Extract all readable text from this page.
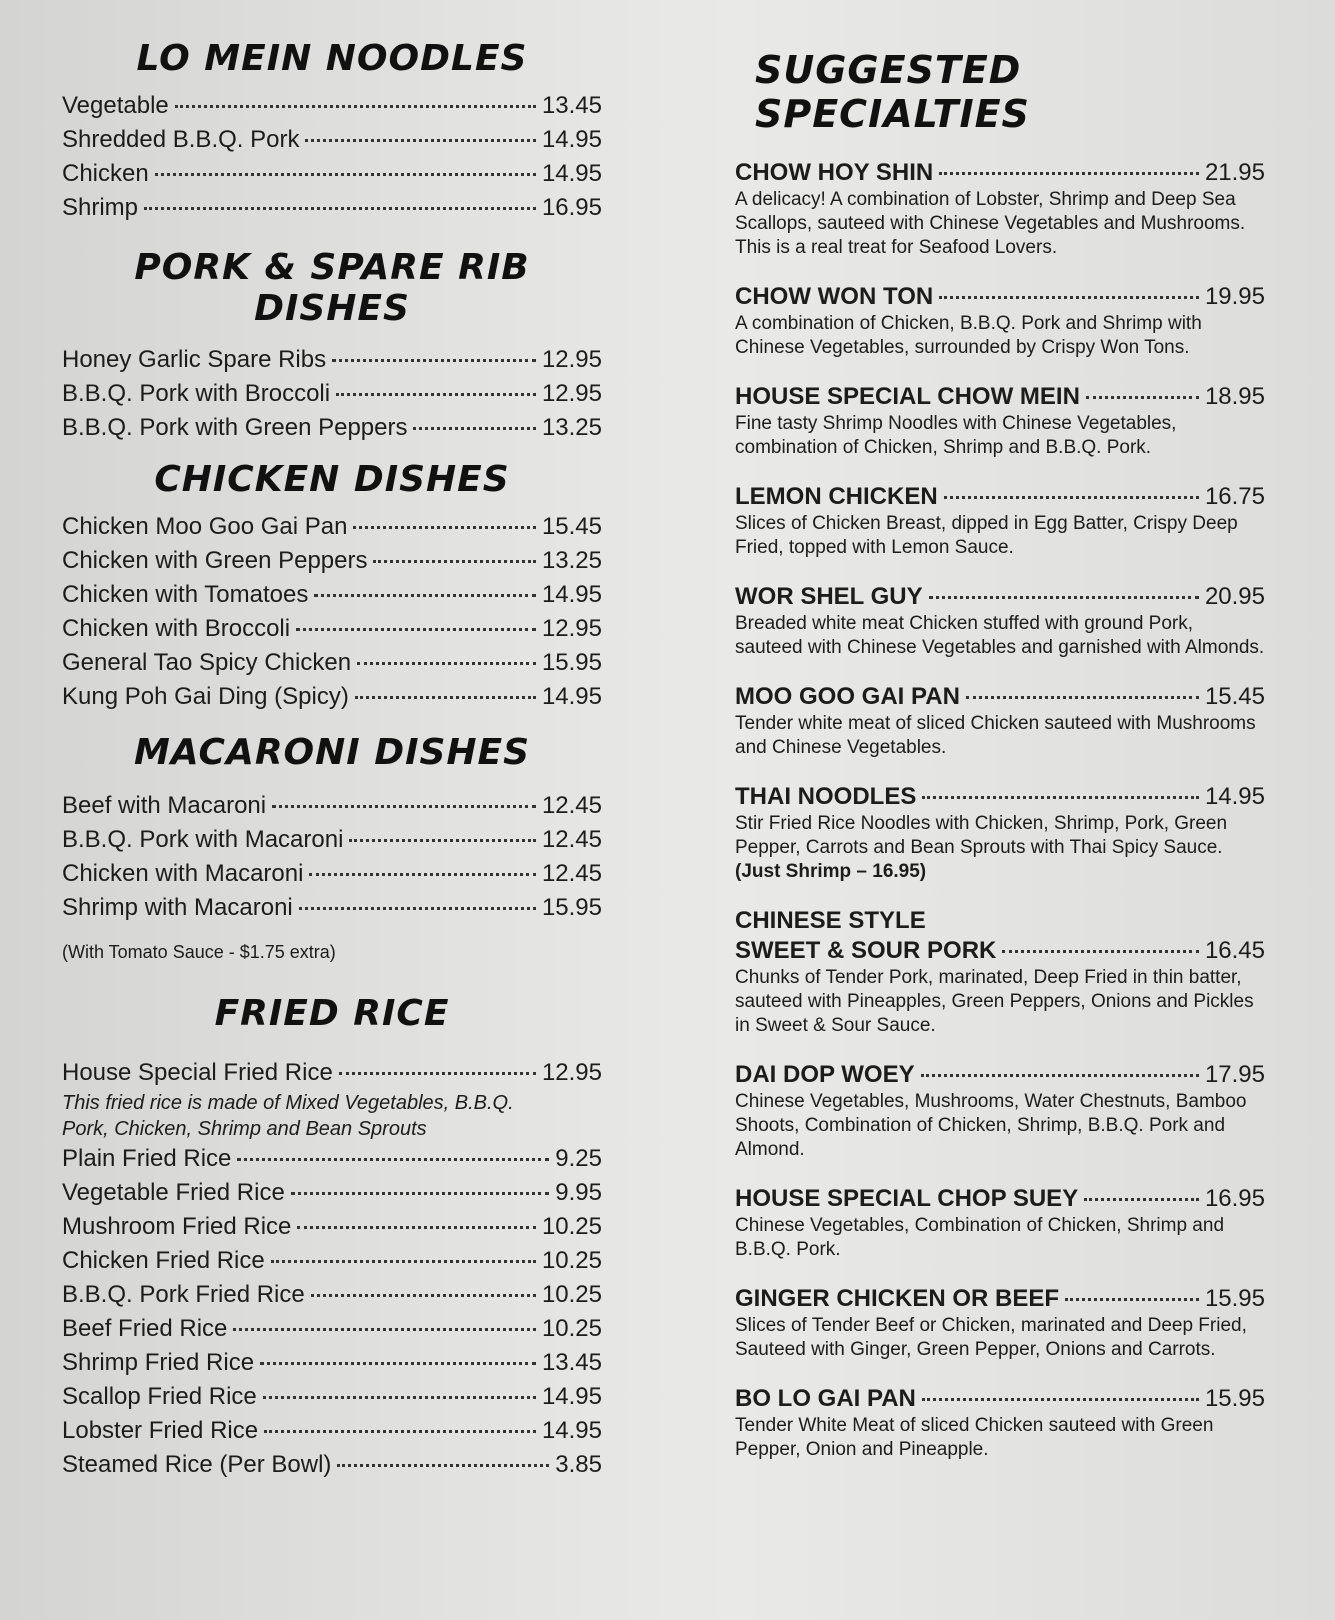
LO MEIN NOODLES
Vegetable	13.45
Shredded B.B.Q. Pork	14.95
Chicken	14.95
Shrimp	16.95
PORK & SPARE RIB DISHES
Honey Garlic Spare Ribs	12.95
B.B.Q. Pork with Broccoli	12.95
B.B.Q. Pork with Green Peppers	13.25
CHICKEN DISHES
Chicken Moo Goo Gai Pan	15.45
Chicken with Green Peppers	13.25
Chicken with Tomatoes	14.95
Chicken with Broccoli	12.95
General Tao Spicy Chicken	15.95
Kung Poh Gai Ding (Spicy)	14.95
MACARONI DISHES
Beef with Macaroni	12.45
B.B.Q. Pork with Macaroni	12.45
Chicken with Macaroni	12.45
Shrimp with Macaroni	15.95

(With Tomato Sauce - $1.75 extra)

FRIED RICE
House Special Fried Rice	12.95

This fried rice is made of Mixed Vegetables, B.B.Q. Pork, Chicken, Shrimp and Bean Sprouts

Plain Fried Rice	9.25
Vegetable Fried Rice	9.95
Mushroom Fried Rice	10.25
Chicken Fried Rice	10.25
B.B.Q. Pork Fried Rice	10.25
Beef Fried Rice	10.25
Shrimp Fried Rice	13.45
Scallop Fried Rice	14.95
Lobster Fried Rice	14.95
Steamed Rice (Per Bowl)	3.85
SUGGESTED SPECIALTIES
CHOW HOY SHIN	21.95

A delicacy! A combination of Lobster, Shrimp and Deep Sea Scallops, sauteed with Chinese Vegetables and Mushrooms. This is a real treat for Seafood Lovers.

CHOW WON TON	19.95

A combination of Chicken, B.B.Q. Pork and Shrimp with Chinese Vegetables, surrounded by Crispy Won Tons.

HOUSE SPECIAL CHOW MEIN	18.95

Fine tasty Shrimp Noodles with Chinese Vegetables, combination of Chicken, Shrimp and B.B.Q. Pork.

LEMON CHICKEN	16.75

Slices of Chicken Breast, dipped in Egg Batter, Crispy Deep Fried, topped with Lemon Sauce.

WOR SHEL GUY	20.95

Breaded white meat Chicken stuffed with ground Pork, sauteed with Chinese Vegetables and garnished with Almonds.

MOO GOO GAI PAN	15.45

Tender white meat of sliced Chicken sauteed with Mushrooms and Chinese Vegetables.

THAI NOODLES	14.95

Stir Fried Rice Noodles with Chicken, Shrimp, Pork, Green Pepper, Carrots and Bean Sprouts with Thai Spicy Sauce. (Just Shrimp – 16.95)

CHINESE STYLE

SWEET & SOUR PORK	16.45

Chunks of Tender Pork, marinated, Deep Fried in thin batter, sauteed with Pineapples, Green Peppers, Onions and Pickles in Sweet & Sour Sauce.

DAI DOP WOEY	17.95

Chinese Vegetables, Mushrooms, Water Chestnuts, Bamboo Shoots, Combination of Chicken, Shrimp, B.B.Q. Pork and Almond.

HOUSE SPECIAL CHOP SUEY	16.95

Chinese Vegetables, Combination of Chicken, Shrimp and B.B.Q. Pork.

GINGER CHICKEN OR BEEF	15.95

Slices of Tender Beef or Chicken, marinated and Deep Fried, Sauteed with Ginger, Green Pepper, Onions and Carrots.

BO LO GAI PAN	15.95

Tender White Meat of sliced Chicken sauteed with Green Pepper, Onion and Pineapple.
